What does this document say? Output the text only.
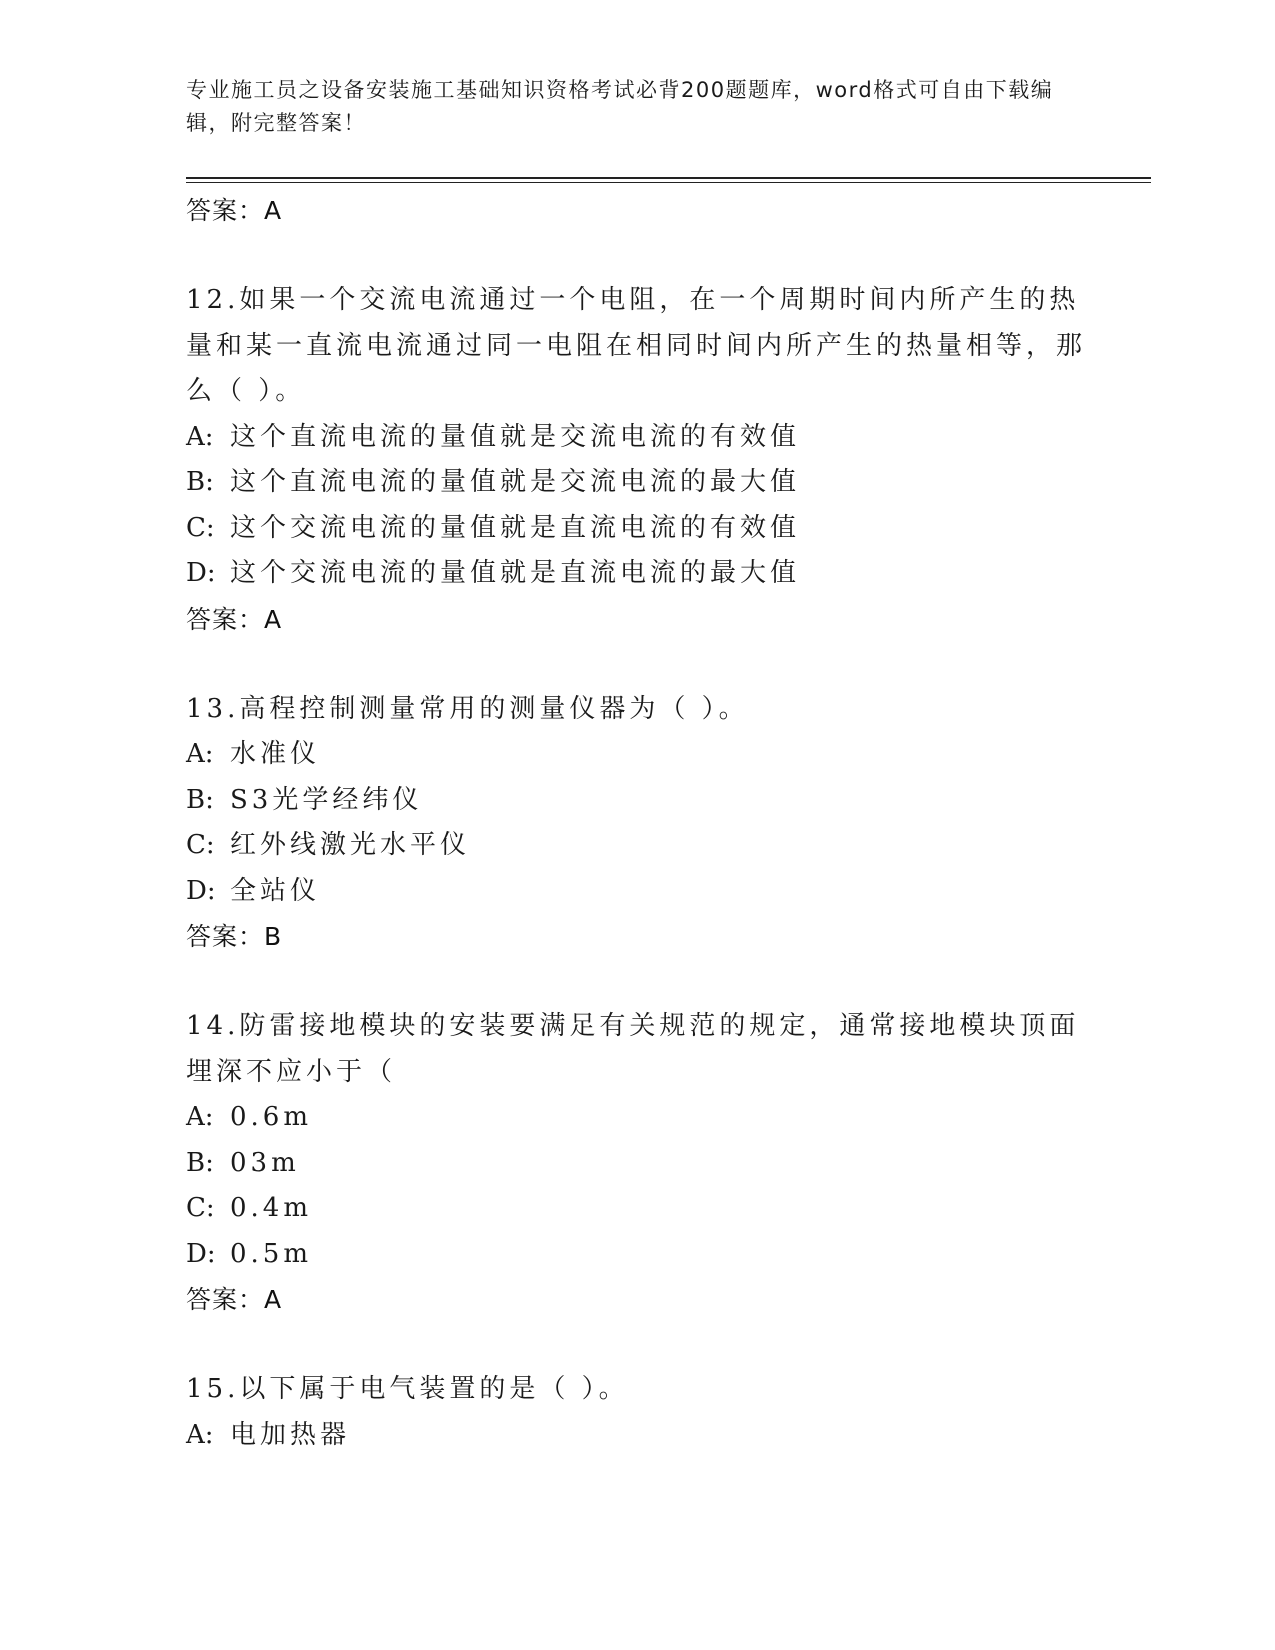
专业施工员之设备安装施工基础知识资格考试必背200题题库，word格式可自由下载编辑，附完整答案！
答案：A
12.如果一个交流电流通过一个电阻，在一个周期时间内所产生的热量和某一直流电流通过同一电阻在相同时间内所产生的热量相等，那么（ ）。
A: 这个直流电流的量值就是交流电流的有效值
B: 这个直流电流的量值就是交流电流的最大值
C: 这个交流电流的量值就是直流电流的有效值
D: 这个交流电流的量值就是直流电流的最大值
答案：A
13.高程控制测量常用的测量仪器为（ ）。
A: 水准仪
B: S3光学经纬仪
C: 红外线激光水平仪
D: 全站仪
答案：B
14.防雷接地模块的安装要满足有关规范的规定，通常接地模块顶面埋深不应小于（
A: 0.6m
B: 03m
C: 0.4m
D: 0.5m
答案：A
15.以下属于电气装置的是（ ）。
A: 电加热器
